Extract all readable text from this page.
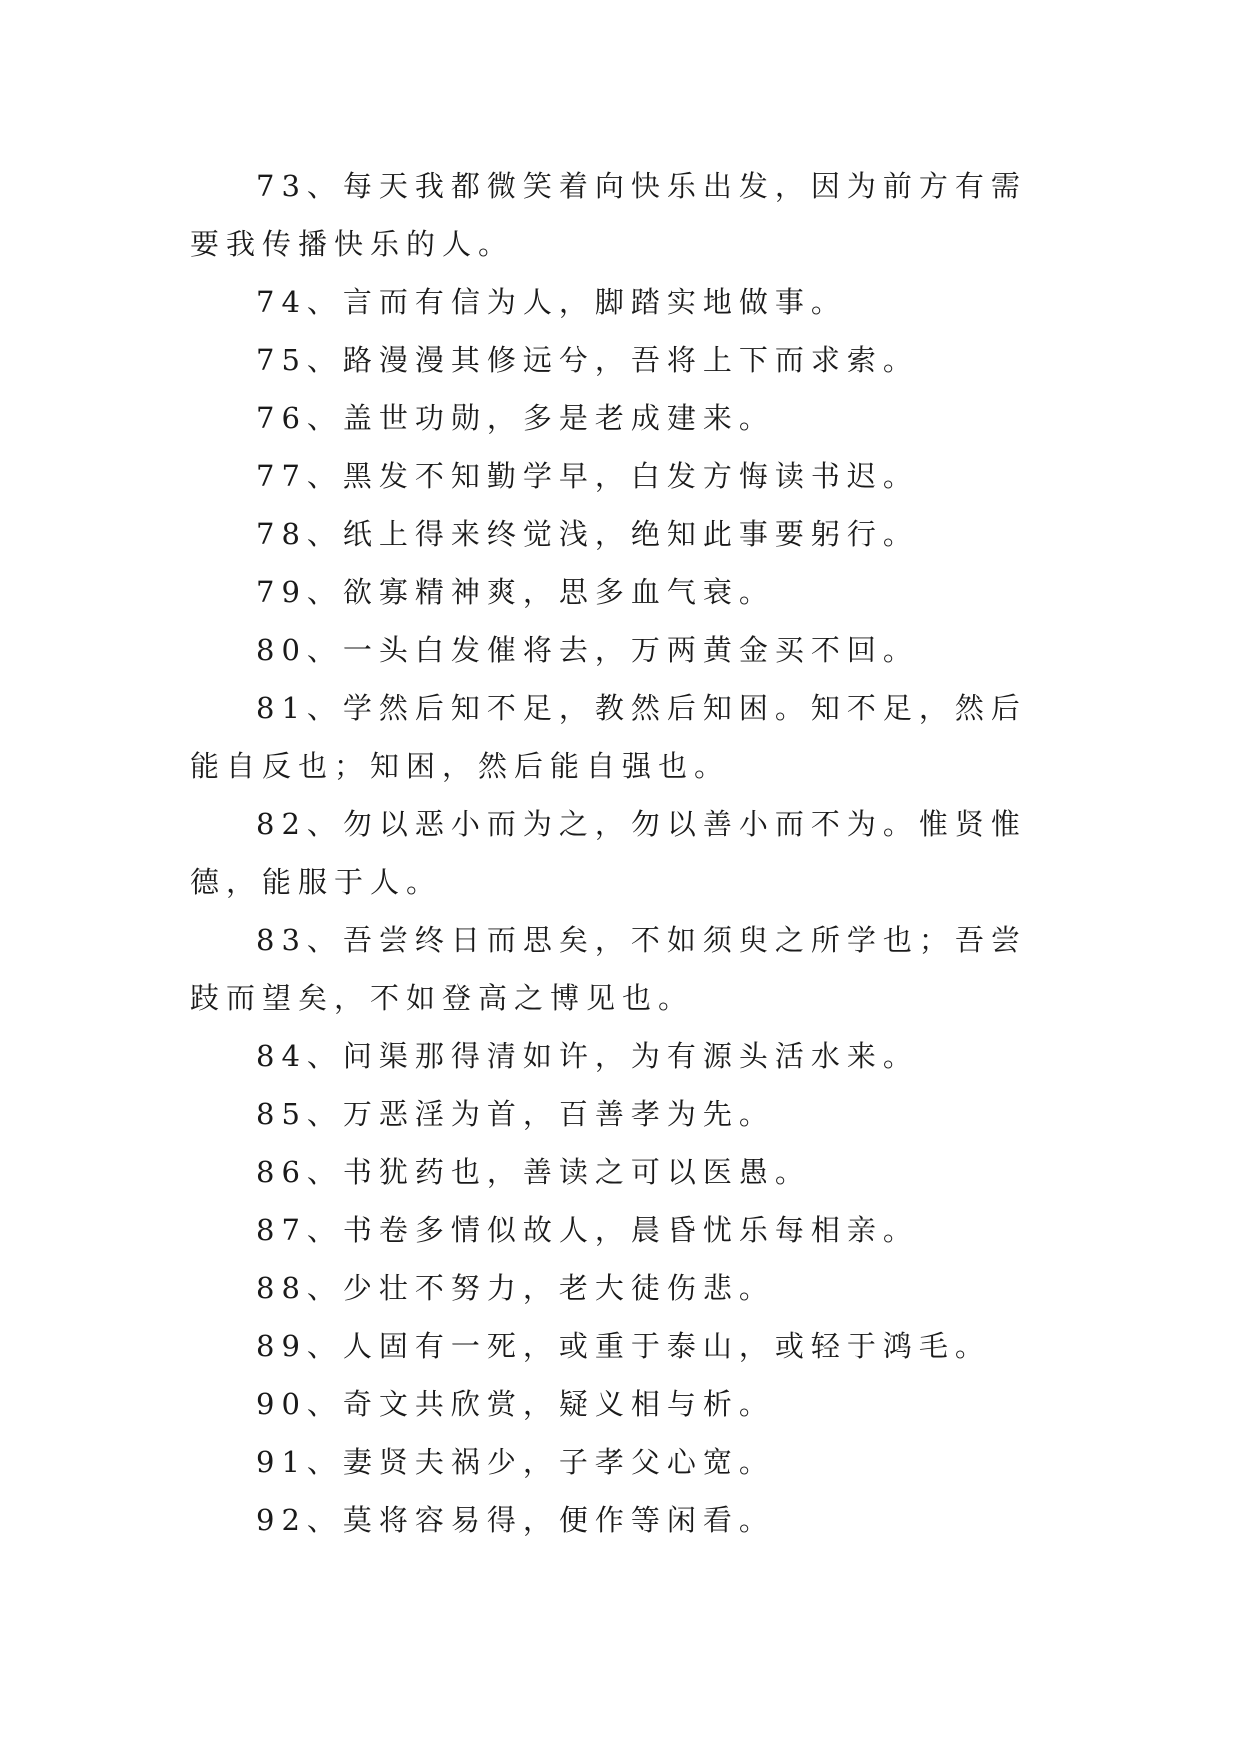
73、每天我都微笑着向快乐出发，因为前方有需要我传播快乐的人。

74、言而有信为人，脚踏实地做事。

75、路漫漫其修远兮，吾将上下而求索。

76、盖世功勋，多是老成建来。

77、黑发不知勤学早，白发方悔读书迟。

78、纸上得来终觉浅，绝知此事要躬行。

79、欲寡精神爽，思多血气衰。

80、一头白发催将去，万两黄金买不回。

81、学然后知不足，教然后知困。知不足，然后能自反也；知困，然后能自强也。

82、勿以恶小而为之，勿以善小而不为。惟贤惟德，能服于人。

83、吾尝终日而思矣，不如须臾之所学也；吾尝跂而望矣，不如登高之博见也。

84、问渠那得清如许，为有源头活水来。

85、万恶淫为首，百善孝为先。

86、书犹药也，善读之可以医愚。

87、书卷多情似故人，晨昏忧乐每相亲。

88、少壮不努力，老大徒伤悲。

89、人固有一死，或重于泰山，或轻于鸿毛。

90、奇文共欣赏，疑义相与析。

91、妻贤夫祸少，子孝父心宽。

92、莫将容易得，便作等闲看。
